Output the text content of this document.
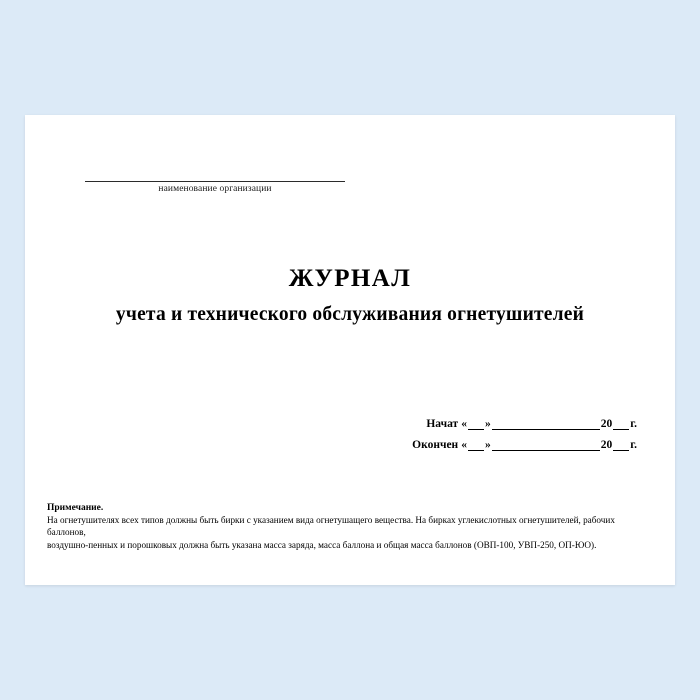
наименование организации
ЖУРНАЛ
учета и технического обслуживания огнетушителей
Начат « »	20 г.
Окончен « »	20 г.
Примечание.
На огнетушителях всех типов должны быть бирки с указанием вида огнетушащего вещества. На бирках углекислотных огнетушителей, рабочих баллонов,
воздушно-пенных и порошковых должна быть указана масса заряда, масса баллона и общая масса баллонов (ОВП-100, УВП-250, ОП-ЮО).
